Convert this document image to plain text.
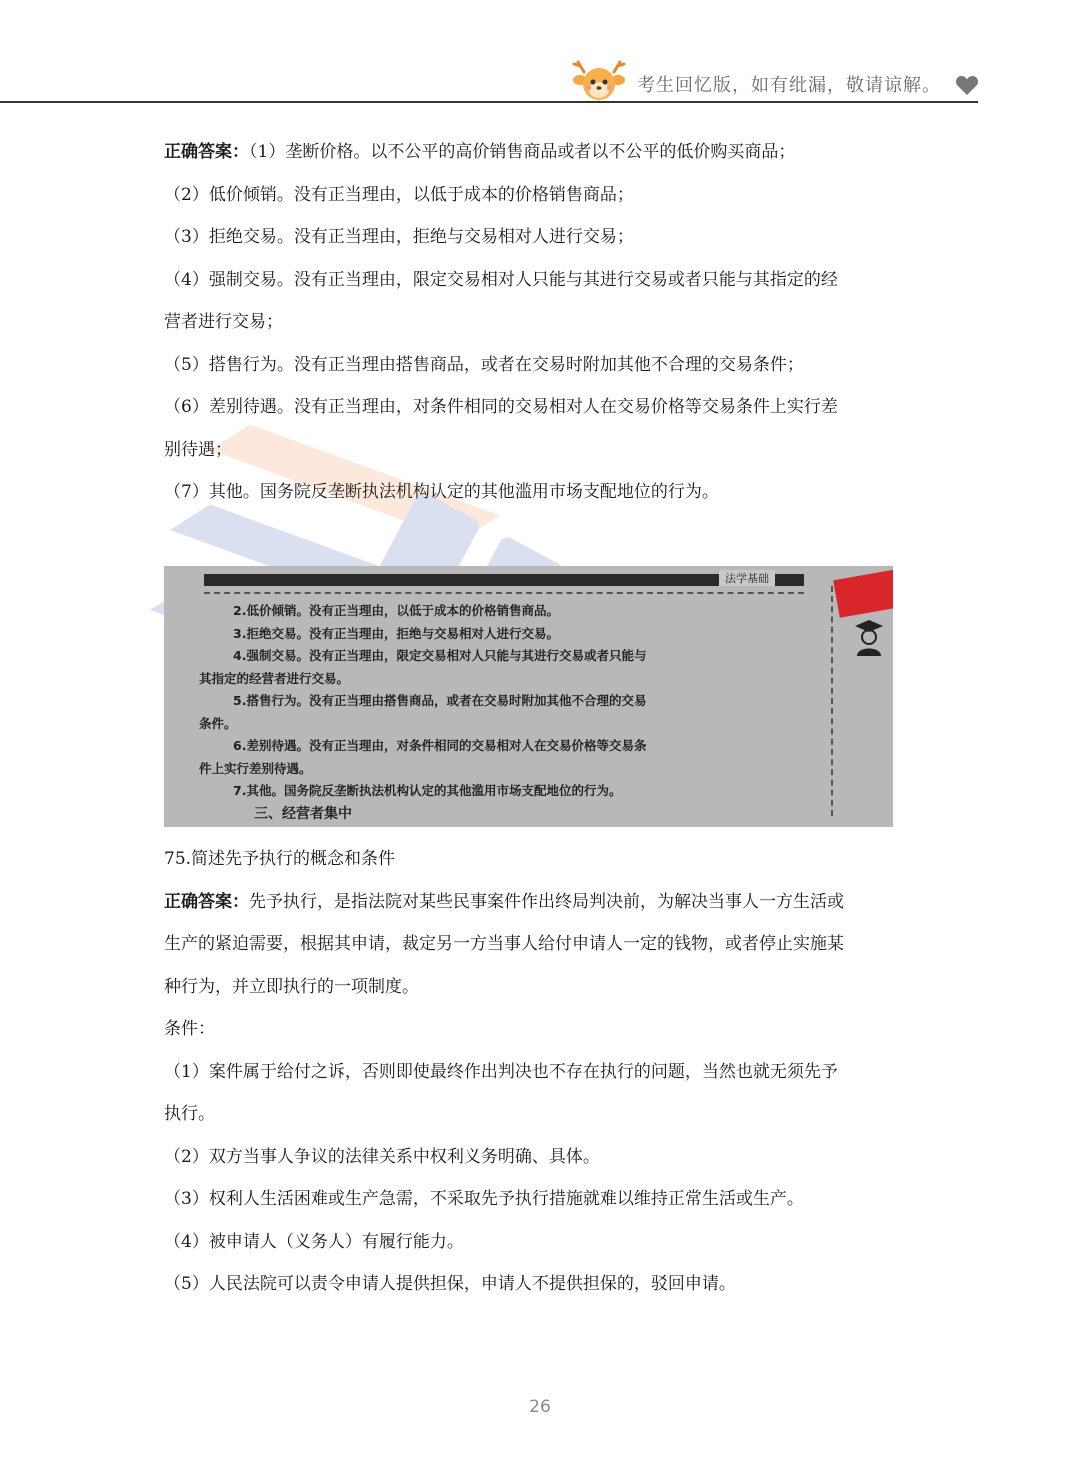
考生回忆版，如有纰漏，敬请谅解。

正确答案：（1）垄断价格。以不公平的高价销售商品或者以不公平的低价购买商品；

（2）低价倾销。没有正当理由，以低于成本的价格销售商品；

（3）拒绝交易。没有正当理由，拒绝与交易相对人进行交易；

（4）强制交易。没有正当理由，限定交易相对人只能与其进行交易或者只能与其指定的经

营者进行交易；

（5）搭售行为。没有正当理由搭售商品，或者在交易时附加其他不合理的交易条件；

（6）差别待遇。没有正当理由，对条件相同的交易相对人在交易价格等交易条件上实行差

别待遇；

（7）其他。国务院反垄断执法机构认定的其他滥用市场支配地位的行为。

法学基础
2.低价倾销。没有正当理由，以低于成本的价格销售商品。
3.拒绝交易。没有正当理由，拒绝与交易相对人进行交易。
4.强制交易。没有正当理由，限定交易相对人只能与其进行交易或者只能与
其指定的经营者进行交易。
5.搭售行为。没有正当理由搭售商品，或者在交易时附加其他不合理的交易
条件。
6.差别待遇。没有正当理由，对条件相同的交易相对人在交易价格等交易条
件上实行差别待遇。
7.其他。国务院反垄断执法机构认定的其他滥用市场支配地位的行为。
三、经营者集中

75.简述先予执行的概念和条件

正确答案：先予执行，是指法院对某些民事案件作出终局判决前，为解决当事人一方生活或

生产的紧迫需要，根据其申请，裁定另一方当事人给付申请人一定的钱物，或者停止实施某

种行为，并立即执行的一项制度。

条件：

（1）案件属于给付之诉，否则即使最终作出判决也不存在执行的问题，当然也就无须先予

执行。

（2）双方当事人争议的法律关系中权利义务明确、具体。

（3）权利人生活困难或生产急需，不采取先予执行措施就难以维持正常生活或生产。

（4）被申请人（义务人）有履行能力。

（5）人民法院可以责令申请人提供担保，申请人不提供担保的，驳回申请。

26
